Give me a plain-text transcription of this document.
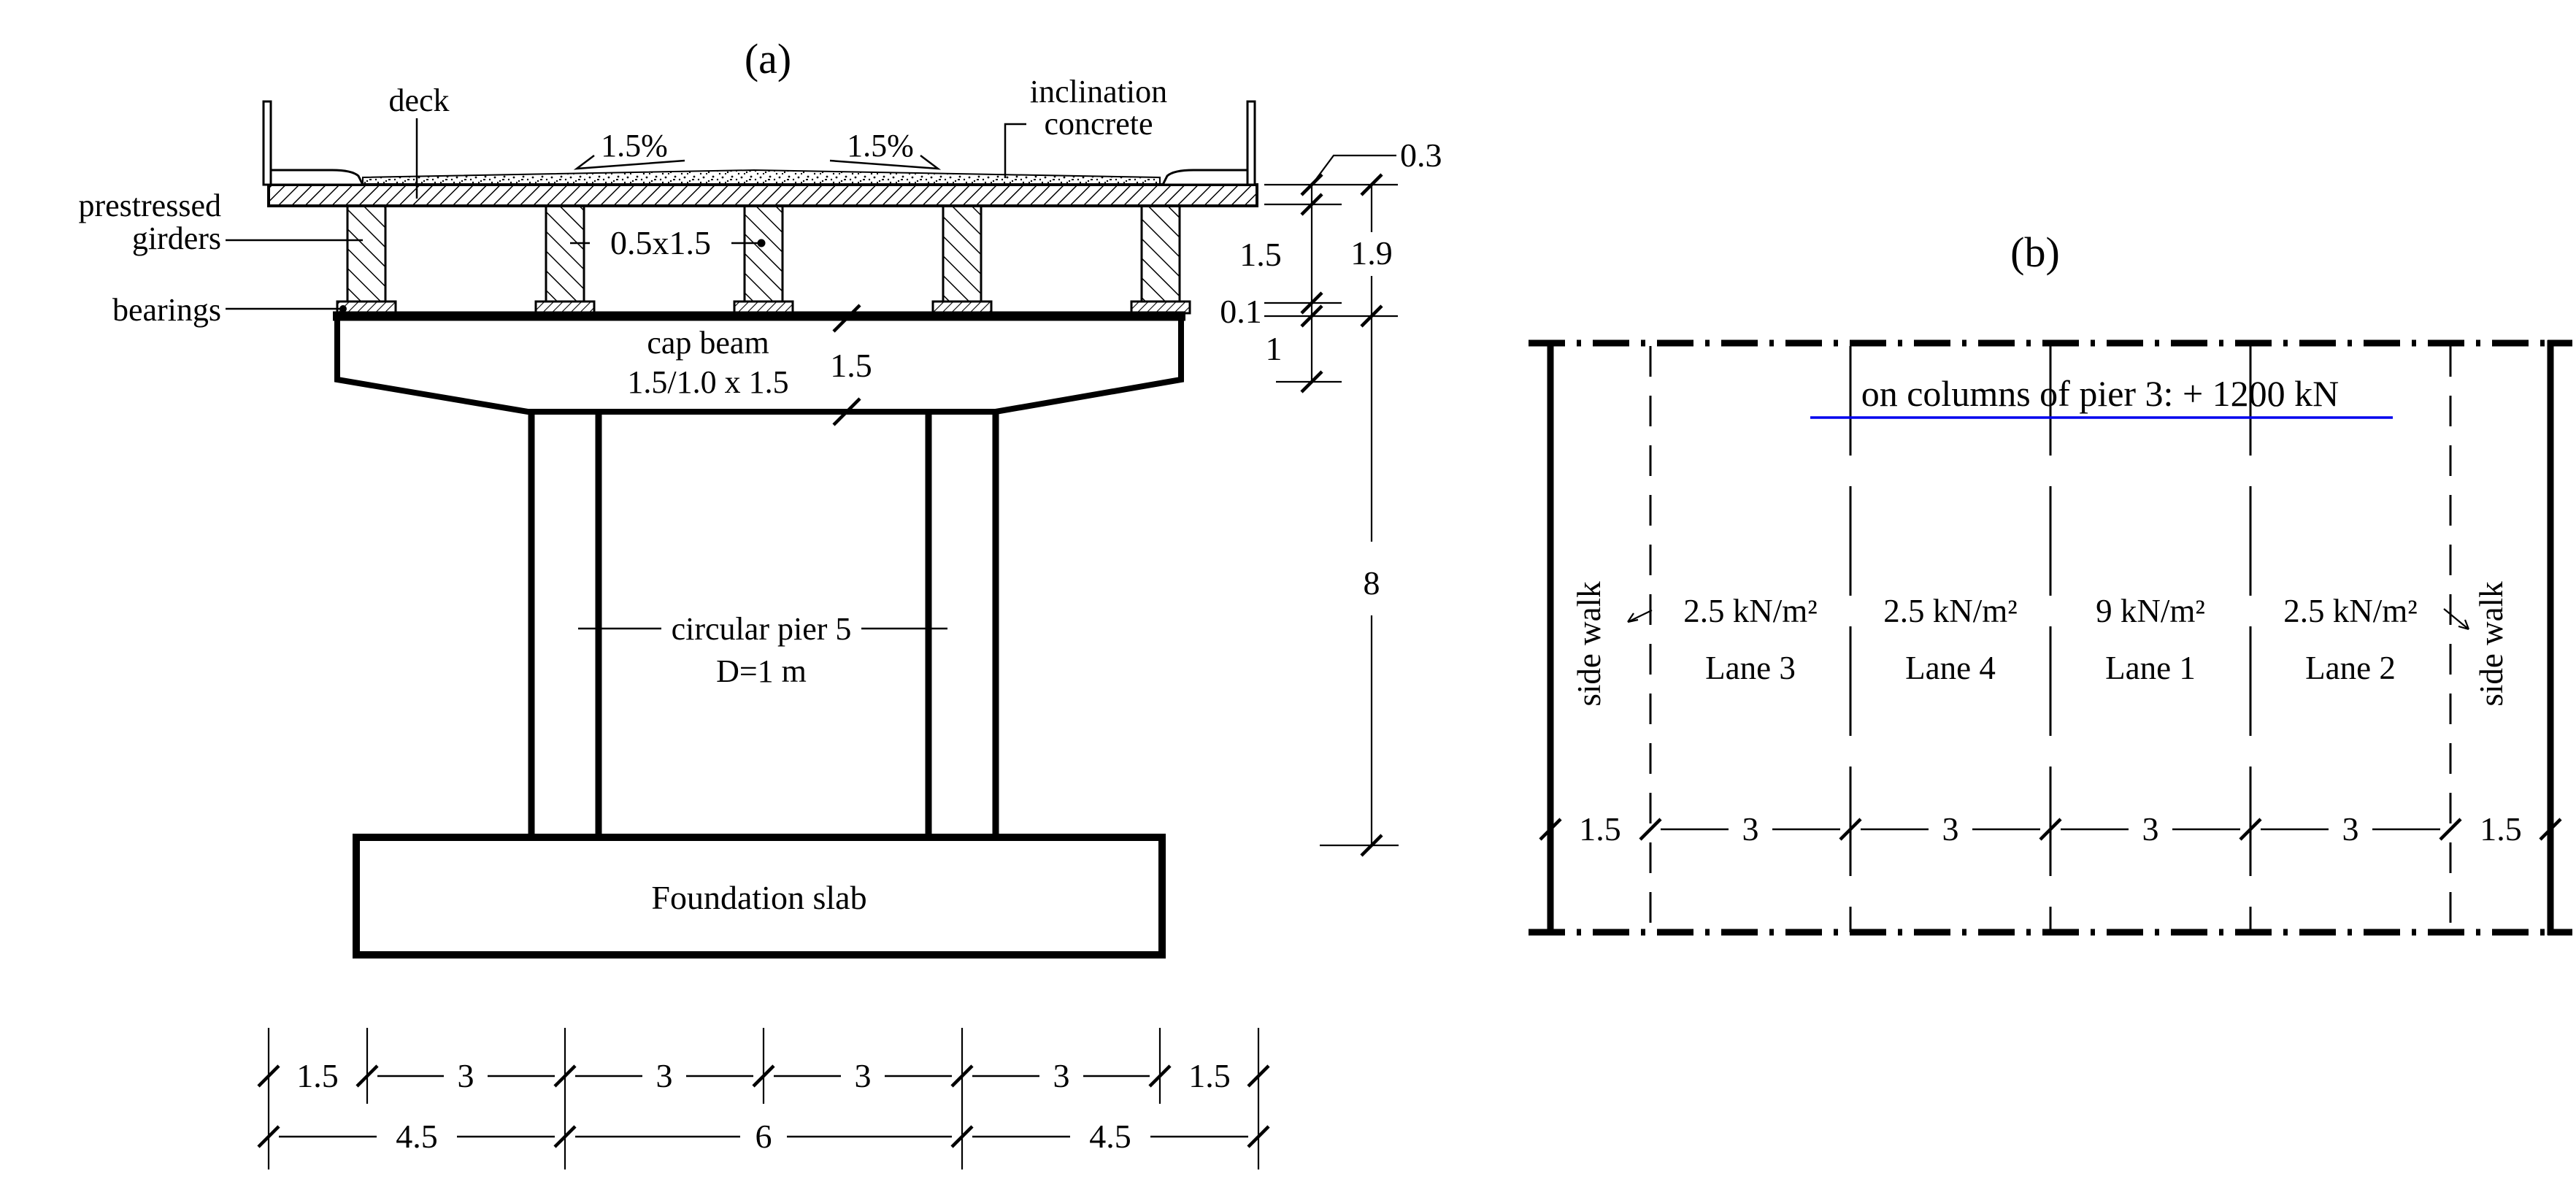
(a)
deck
1.5%	1.5%
inclination
concrete
prestressed
girders
bearings
0.5x1.5
cap beam
1.5/1.0 x 1.5 1.5
circular pier 5
D=1 m
Foundation slab
0.3
1.5
0.1
1
1.9
8
1.5	3	3	3	3	1.5
4.5	6	4.5
on columns of pier 3: + 1200 kN
side walk	side walk
2.5 kN/m² 2.5 kN/m² 9 kN/m² 2.5 kN/m²
Lane 3	Lane 4	Lane 1	Lane 2
1.5	3	3	3	3	1.5
(b)
